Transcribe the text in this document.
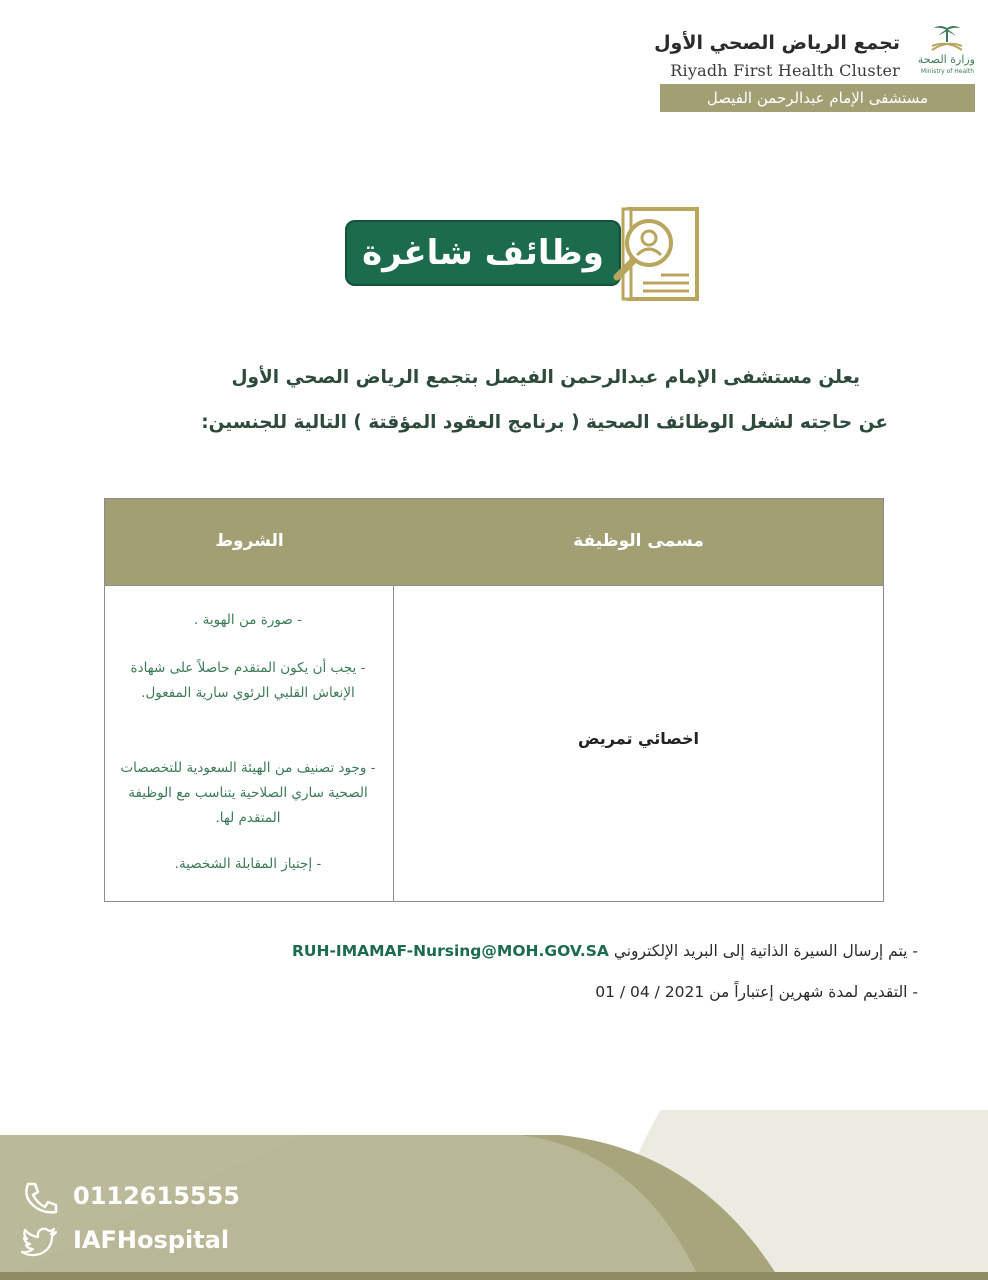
تجمع الرياض الصحي الأول
Riyadh First Health Cluster
وزارة الصحة
Ministry of Health
مستشفى الإمام عبدالرحمن الفيصل
وظائف شاغرة
يعلن مستشفى الإمام عبدالرحمن الفيصل بتجمع الرياض الصحي الأول
عن حاجته لشغل الوظائف الصحية ( برنامج العقود المؤقتة ) التالية للجنسين:
مسمى الوظيفة
الشروط
اخصائي تمريض
- صورة من الهوية .
- يجب أن يكون المتقدم حاصلاً على شهادة الإنعاش القلبي الرئوي سارية المفعول.
- وجود تصنيف من الهيئة السعودية للتخصصات الصحية ساري الصلاحية يتناسب مع الوظيفة المتقدم لها.
- إجتياز المقابلة الشخصية.
- يتم إرسال السيرة الذاتية إلى البريد الإلكتروني RUH-IMAMAF-Nursing@MOH.GOV.SA
- التقديم لمدة شهرين إعتباراً من 01 / 04 / 2021
0112615555
IAFHospital
